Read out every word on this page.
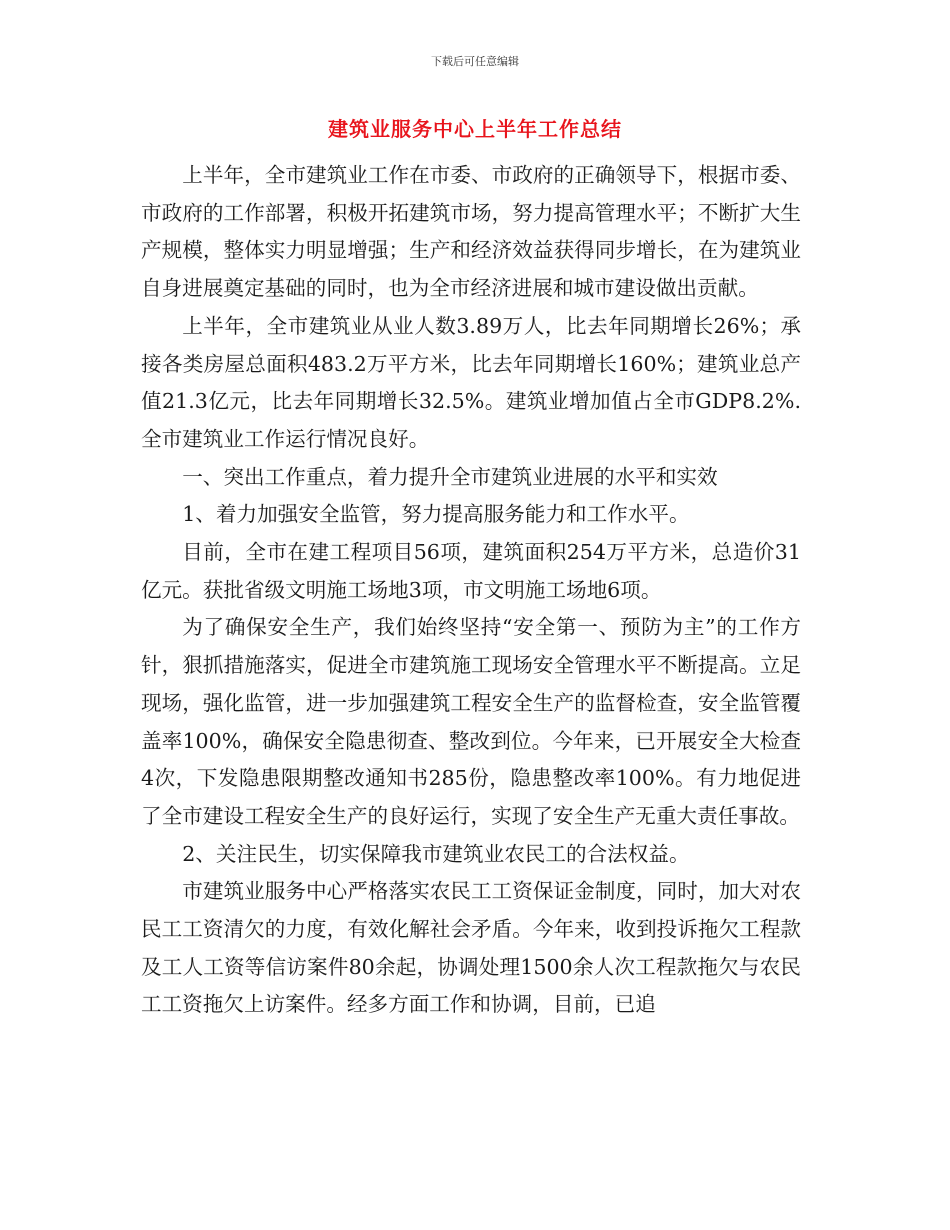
下载后可任意编辑
建筑业服务中心上半年工作总结

上半年，全市建筑业工作在市委、市政府的正确领导下，根据市委、市政府的工作部署，积极开拓建筑市场，努力提高管理水平；不断扩大生产规模，整体实力明显增强；生产和经济效益获得同步增长，在为建筑业自身进展奠定基础的同时，也为全市经济进展和城市建设做出贡献。

上半年，全市建筑业从业人数3.89万人，比去年同期增长26%；承接各类房屋总面积483.2万平方米，比去年同期增长160%；建筑业总产值21.3亿元，比去年同期增长32.5%。建筑业增加值占全市GDP8.2%.全市建筑业工作运行情况良好。

一、突出工作重点，着力提升全市建筑业进展的水平和实效

1、着力加强安全监管，努力提高服务能力和工作水平。

目前，全市在建工程项目56项，建筑面积254万平方米，总造价31亿元。获批省级文明施工场地3项，市文明施工场地6项。

为了确保安全生产，我们始终坚持“安全第一、预防为主”的工作方针，狠抓措施落实，促进全市建筑施工现场安全管理水平不断提高。立足现场，强化监管，进一步加强建筑工程安全生产的监督检查，安全监管覆盖率100%，确保安全隐患彻查、整改到位。今年来，已开展安全大检查4次，下发隐患限期整改通知书285份，隐患整改率100%。有力地促进了全市建设工程安全生产的良好运行，实现了安全生产无重大责任事故。

2、关注民生，切实保障我市建筑业农民工的合法权益。

市建筑业服务中心严格落实农民工工资保证金制度，同时，加大对农民工工资清欠的力度，有效化解社会矛盾。今年来，收到投诉拖欠工程款及工人工资等信访案件80余起，协调处理1500余人次工程款拖欠与农民工工资拖欠上访案件。经多方面工作和协调，目前，已追
